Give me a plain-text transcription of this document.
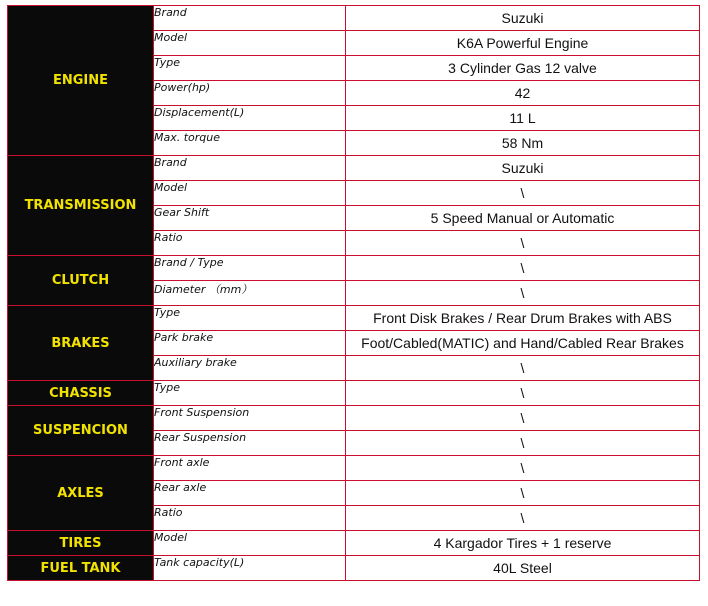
ENGINE	Brand	Suzuki
	Model	K6A Powerful Engine
	Type	3 Cylinder Gas 12 valve
	Power(hp)	42
	Displacement(L)	11 L
	Max. torque	58 Nm
TRANSMISSION	Brand	Suzuki
	Model	\
	Gear Shift	5 Speed Manual or Automatic
	Ratio	\
CLUTCH	Brand / Type	\
	Diameter （mm）	\
BRAKES	Type	Front Disk Brakes / Rear Drum Brakes with ABS
	Park brake	Foot/Cabled(MATIC) and Hand/Cabled Rear Brakes
	Auxiliary brake	\
CHASSIS	Type	\
SUSPENCION	Front Suspension	\
	Rear Suspension	\
AXLES	Front axle	\
	Rear axle	\
	Ratio	\
TIRES	Model	4 Kargador Tires + 1 reserve
FUEL TANK	Tank capacity(L)	40L Steel
